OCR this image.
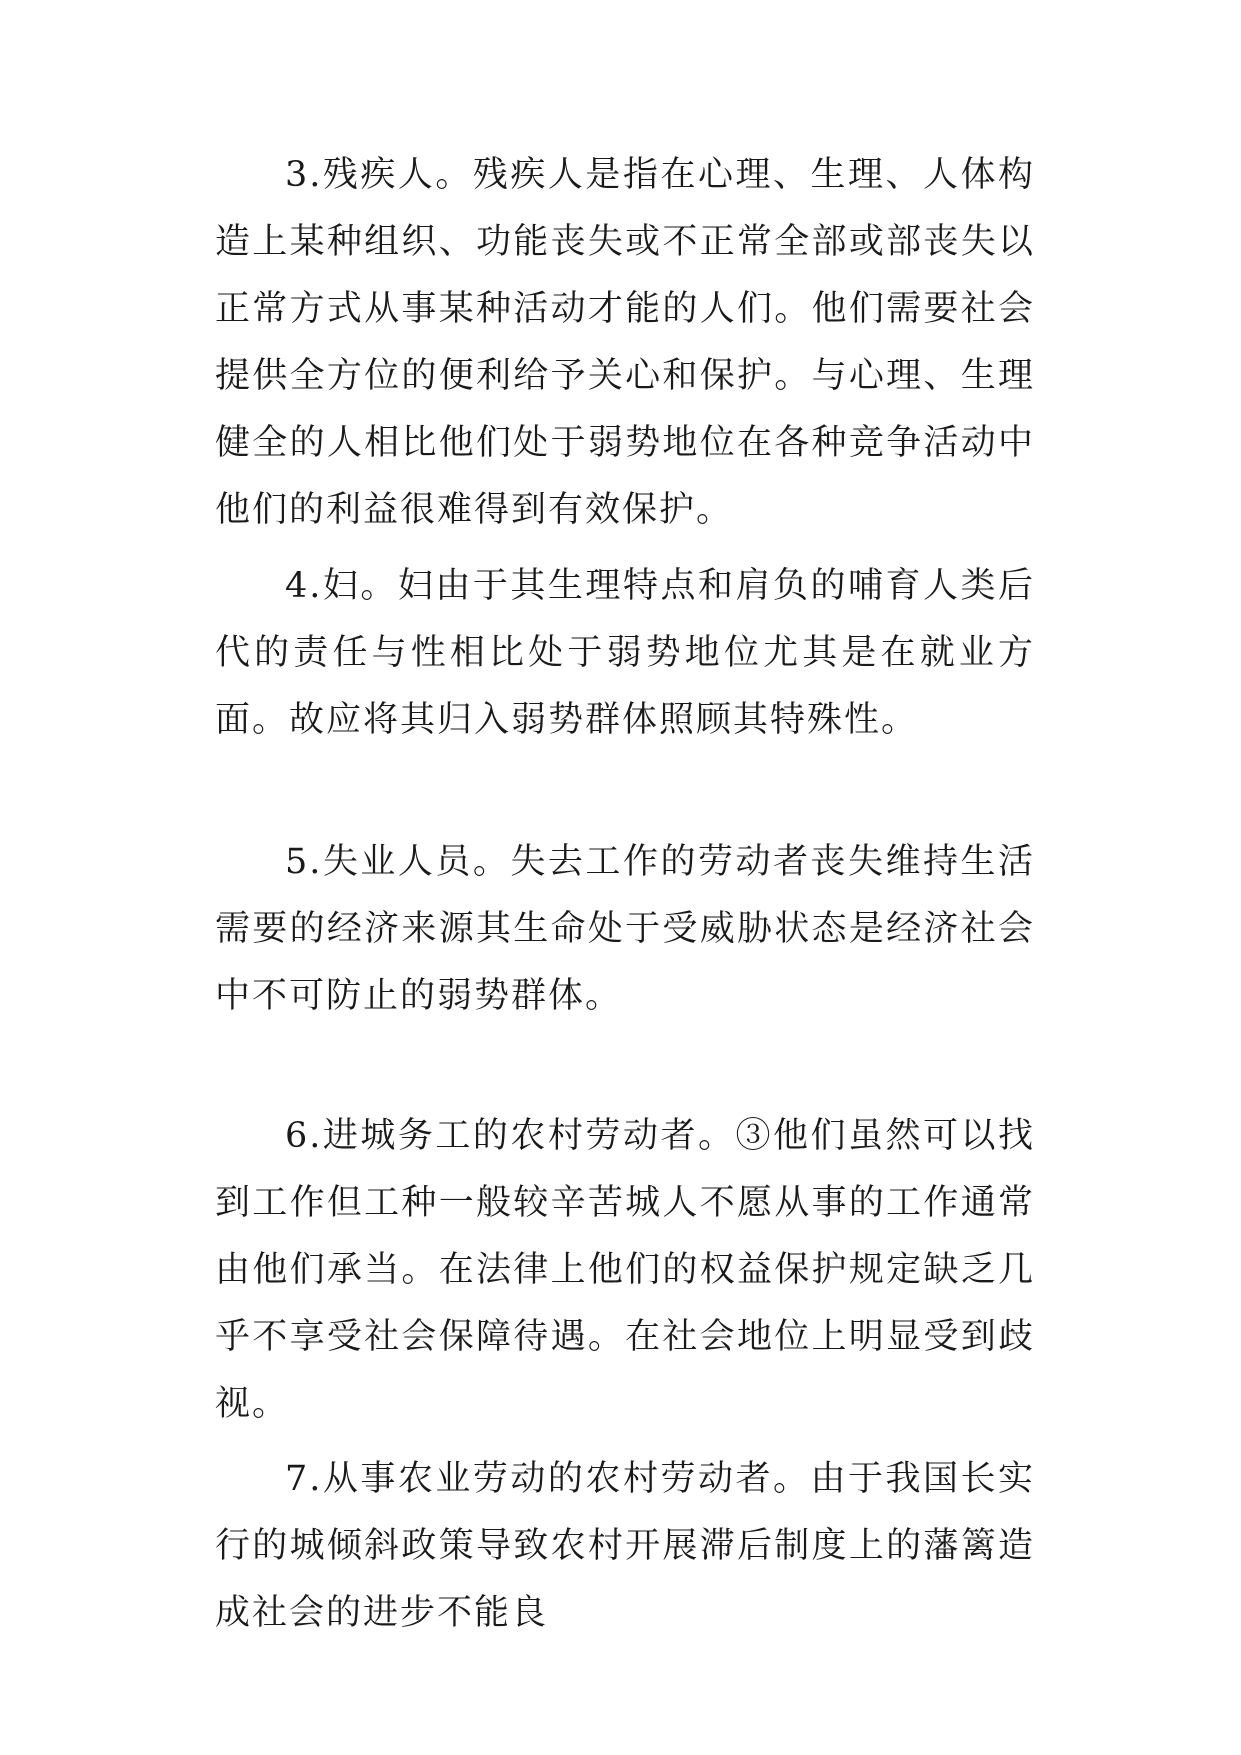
3.残疾人。残疾人是指在心理、生理、人体构造上某种组织、功能丧失或不正常全部或部丧失以正常方式从事某种活动才能的人们。他们需要社会提供全方位的便利给予关心和保护。与心理、生理健全的人相比他们处于弱势地位在各种竞争活动中他们的利益很难得到有效保护。

4.妇。妇由于其生理特点和肩负的哺育人类后代的责任与性相比处于弱势地位尤其是在就业方面。故应将其归入弱势群体照顾其特殊性。

5.失业人员。失去工作的劳动者丧失维持生活需要的经济来源其生命处于受威胁状态是经济社会中不可防止的弱势群体。

6.进城务工的农村劳动者。③他们虽然可以找到工作但工种一般较辛苦城人不愿从事的工作通常由他们承当。在法律上他们的权益保护规定缺乏几乎不享受社会保障待遇。在社会地位上明显受到歧视。

7.从事农业劳动的农村劳动者。由于我国长实行的城倾斜政策导致农村开展滞后制度上的藩篱造成社会的进步不能良
